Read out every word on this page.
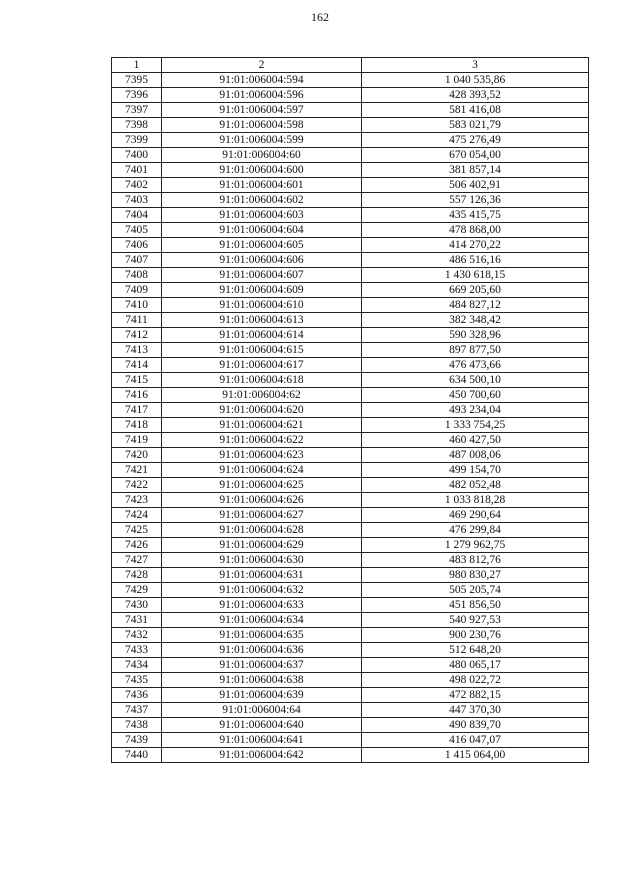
162
1	2	3
7395	91:01:006004:594	1 040 535,86
7396	91:01:006004:596	428 393,52
7397	91:01:006004:597	581 416,08
7398	91:01:006004:598	583 021,79
7399	91:01:006004:599	475 276,49
7400	91:01:006004:60	670 054,00
7401	91:01:006004:600	381 857,14
7402	91:01:006004:601	506 402,91
7403	91:01:006004:602	557 126,36
7404	91:01:006004:603	435 415,75
7405	91:01:006004:604	478 868,00
7406	91:01:006004:605	414 270,22
7407	91:01:006004:606	486 516,16
7408	91:01:006004:607	1 430 618,15
7409	91:01:006004:609	669 205,60
7410	91:01:006004:610	484 827,12
7411	91:01:006004:613	382 348,42
7412	91:01:006004:614	590 328,96
7413	91:01:006004:615	897 877,50
7414	91:01:006004:617	476 473,66
7415	91:01:006004:618	634 500,10
7416	91:01:006004:62	450 700,60
7417	91:01:006004:620	493 234,04
7418	91:01:006004:621	1 333 754,25
7419	91:01:006004:622	460 427,50
7420	91:01:006004:623	487 008,06
7421	91:01:006004:624	499 154,70
7422	91:01:006004:625	482 052,48
7423	91:01:006004:626	1 033 818,28
7424	91:01:006004:627	469 290,64
7425	91:01:006004:628	476 299,84
7426	91:01:006004:629	1 279 962,75
7427	91:01:006004:630	483 812,76
7428	91:01:006004:631	980 830,27
7429	91:01:006004:632	505 205,74
7430	91:01:006004:633	451 856,50
7431	91:01:006004:634	540 927,53
7432	91:01:006004:635	900 230,76
7433	91:01:006004:636	512 648,20
7434	91:01:006004:637	480 065,17
7435	91:01:006004:638	498 022,72
7436	91:01:006004:639	472 882,15
7437	91:01:006004:64	447 370,30
7438	91:01:006004:640	490 839,70
7439	91:01:006004:641	416 047,07
7440	91:01:006004:642	1 415 064,00
